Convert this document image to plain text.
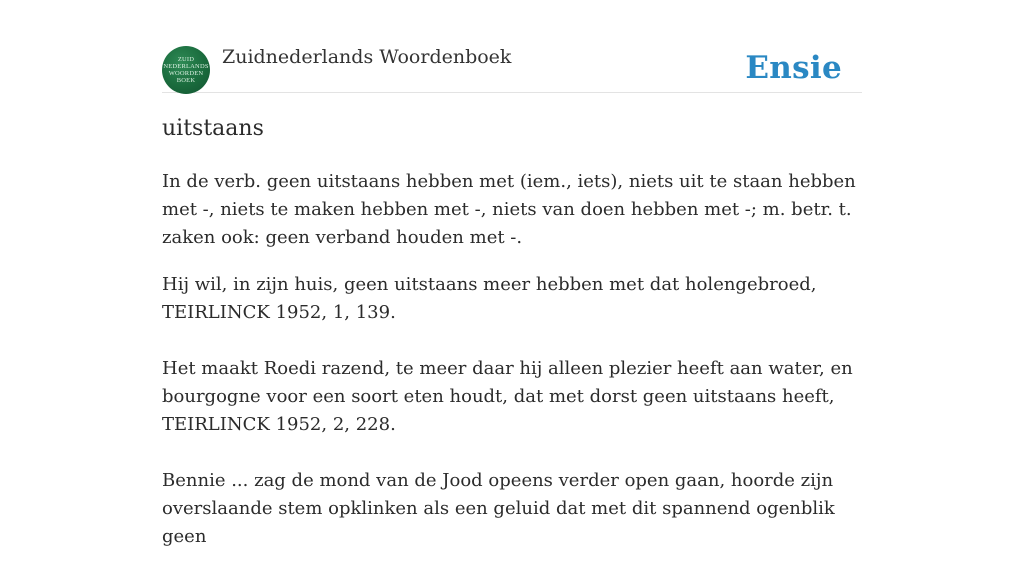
ZUID
NEDERLANDS
WOORDEN
BOEK
Zuidnederlands Woordenboek	Ensie
uitstaans

In de verb. geen uitstaans hebben met (iem., iets), niets uit te staan hebben met -, niets te maken hebben met -, niets van doen hebben met -; m. betr. t. zaken ook: geen verband houden met -.

Hij wil, in zijn huis, geen uitstaans meer hebben met dat holengebroed, TEIRLINCK 1952, 1, 139.

Het maakt Roedi razend, te meer daar hij alleen plezier heeft aan water, en bourgogne voor een soort eten houdt, dat met dorst geen uitstaans heeft, TEIRLINCK 1952, 2, 228.

Bennie ... zag de mond van de Jood opeens verder open gaan, hoorde zijn overslaande stem opklinken als een geluid dat met dit spannend ogenblik geen
